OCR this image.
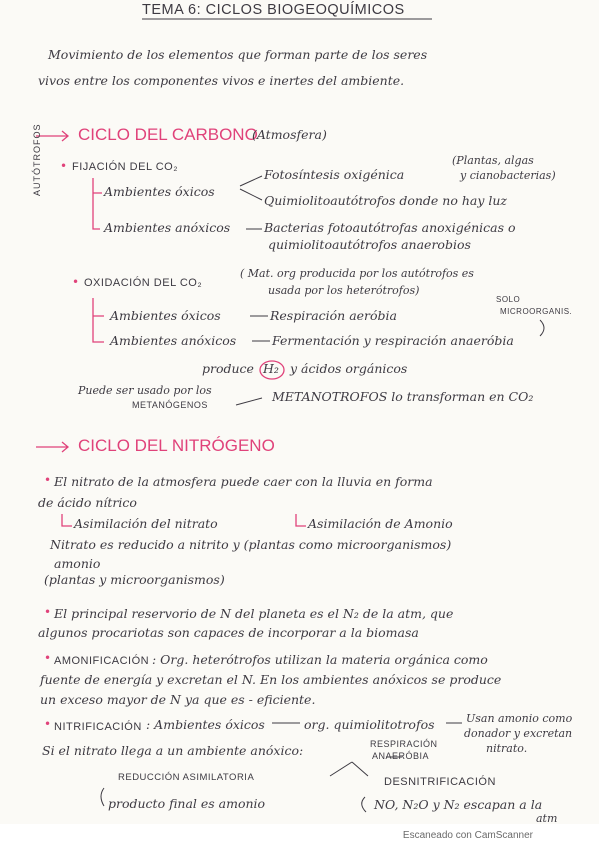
TEMA 6: CICLOS BIOGEOQUÍMICOS
Movimiento de los elementos que forman parte de los seres
vivos entre los componentes vivos e inertes del ambiente.
CICLO DEL CARBONO
(Atmosfera)
• FIJACIÓN DEL CO₂
AUTÓTROFOS	Ambientes óxicos
Fotosíntesis oxigénica
(Plantas, algas
y cianobacterias)
Quimiolitoautótrofos donde no hay luz
Ambientes anóxicos	Bacterias fotoautótrofas anoxigénicas o
quimiolitoautótrofos anaerobios
• OXIDACIÓN DEL CO₂
( Mat. org producida por los autótrofos es
usada por los heterótrofos)
Ambientes óxicos	Respiración aeróbia
SOLO
MICROORGANIS.
Ambientes anóxicos	Fermentación y respiración anaeróbia
produce H₂ y ácidos orgánicos
Puede ser usado por los
METANÓGENOS
METANOTROFOS lo transforman en CO₂
CICLO DEL NITRÓGENO
• El nitrato de la atmosfera puede caer con la lluvia en forma
de ácido nítrico
Asimilación del nitrato	Asimilación de Amonio
Nitrato es reducido a nitrito y (plantas como microorganismos)
amonio
(plantas y microorganismos)
• El principal reservorio de N del planeta es el N₂ de la atm, que
algunos procariotas son capaces de incorporar a la biomasa
• AMONIFICACIÓN : Org. heterótrofos utilizan la materia orgánica como
fuente de energía y excretan el N. En los ambientes anóxicos se produce
un exceso mayor de N ya que es - eficiente.
• NITRIFICACIÓN : Ambientes óxicos	org. quimiolitotrofos	Usan amonio como
donador y excretan
nitrato.
Si el nitrato llega a un ambiente anóxico:	RESPIRACIÓN
ANAERÓBIA
REDUCCIÓN ASIMILATORIA
producto final es amonio
DESNITRIFICACIÓN
NO, N₂O y N₂ escapan a la
atm
Escaneado con CamScanner
